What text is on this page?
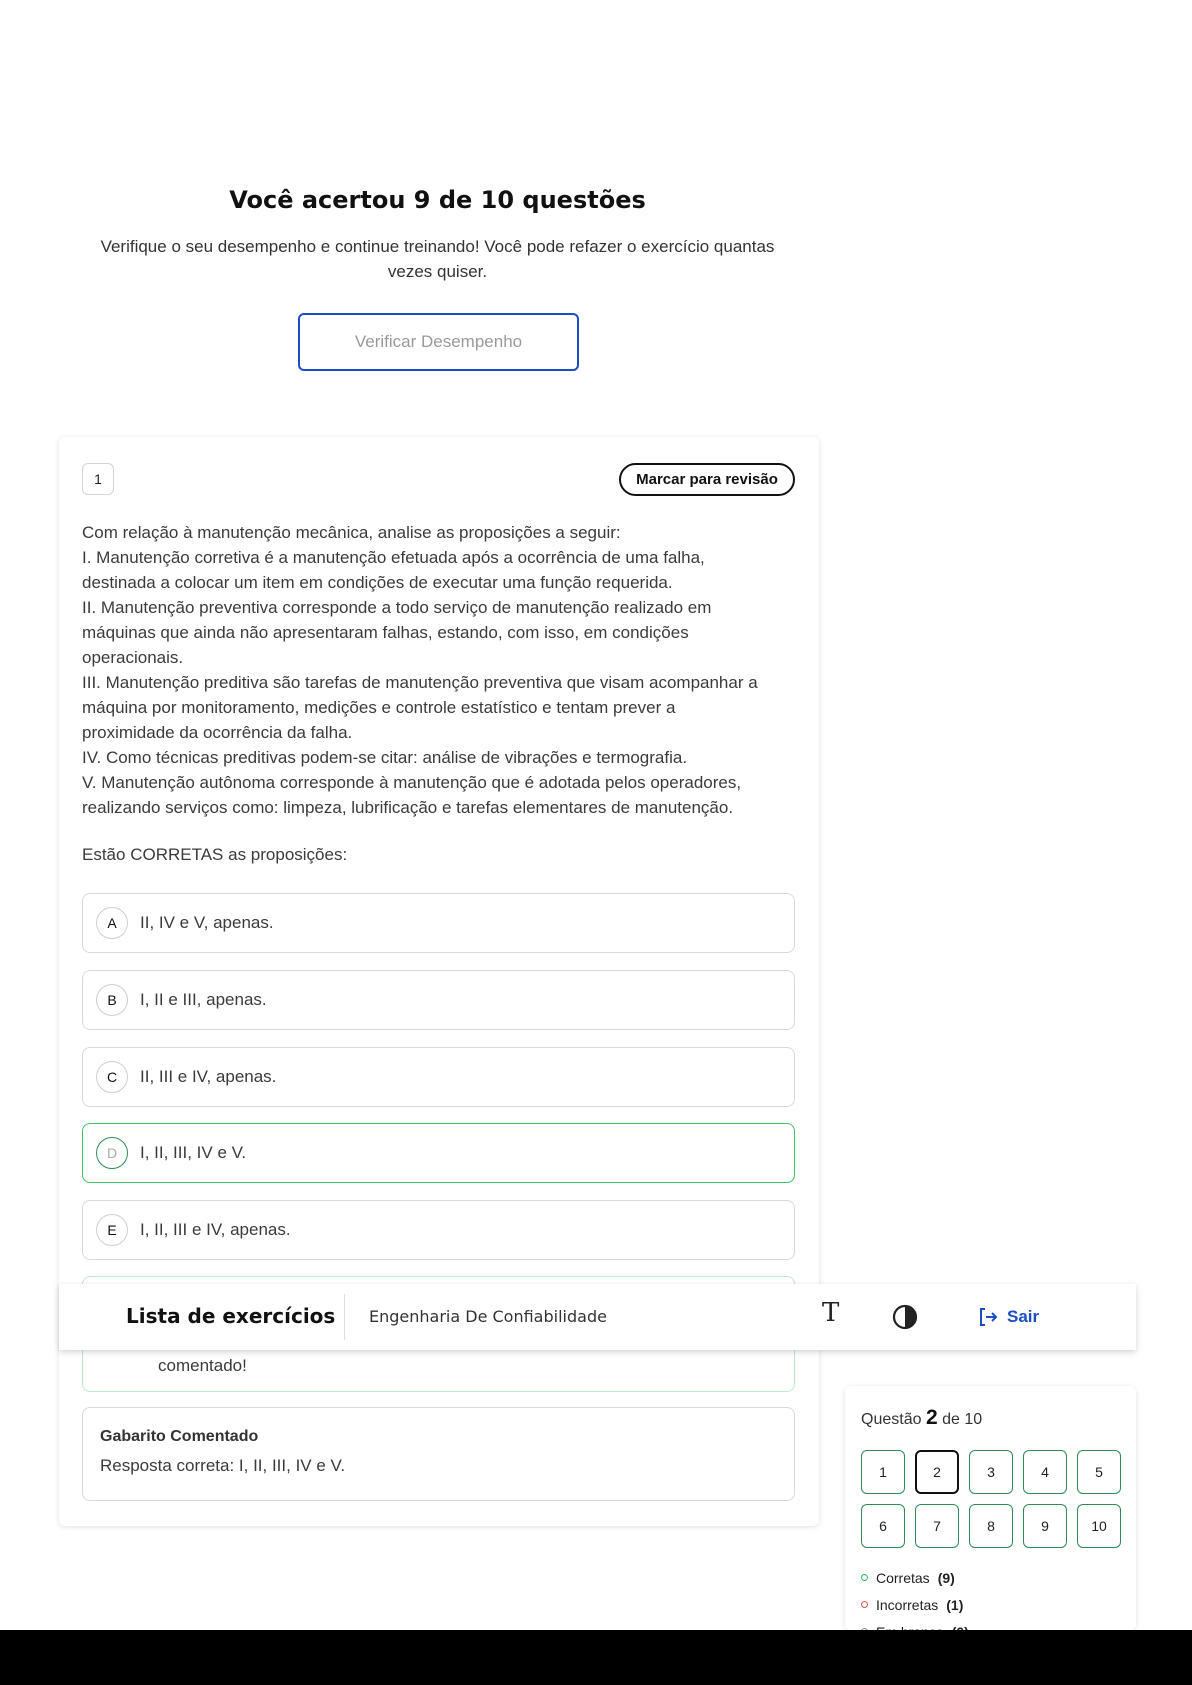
Você acertou 9 de 10 questões

Verifique o seu desempenho e continue treinando! Você pode refazer o exercício quantas vezes quiser.

Verificar Desempenho
1	Marcar para revisão

Com relação à manutenção mecânica, analise as proposições a seguir:

I. Manutenção corretiva é a manutenção efetuada após a ocorrência de uma falha,

destinada a colocar um item em condições de executar uma função requerida.

II. Manutenção preventiva corresponde a todo serviço de manutenção realizado em

máquinas que ainda não apresentaram falhas, estando, com isso, em condições

operacionais.

III. Manutenção preditiva são tarefas de manutenção preventiva que visam acompanhar a

máquina por monitoramento, medições e controle estatístico e tentam prever a

proximidade da ocorrência da falha.

IV. Como técnicas preditivas podem-se citar: análise de vibrações e termografia.

V. Manutenção autônoma corresponde à manutenção que é adotada pelos operadores,

realizando serviços como: limpeza, lubrificação e tarefas elementares de manutenção.

Estão CORRETAS as proposições:

A	II, IV e V, apenas.
B	I, II e III, apenas.
C	II, III e IV, apenas.
D	I, II, III, IV e V.
E	I, II, III e IV, apenas.
comentado!
Gabarito Comentado
Resposta correta: I, II, III, IV e V.
Lista de exercícios Engenharia De Confiabilidade	T	Sair
Questão 2 de 10
1	2	3	4	5
6	7	8	9	10
Corretas (9)
Incorretas (1)
